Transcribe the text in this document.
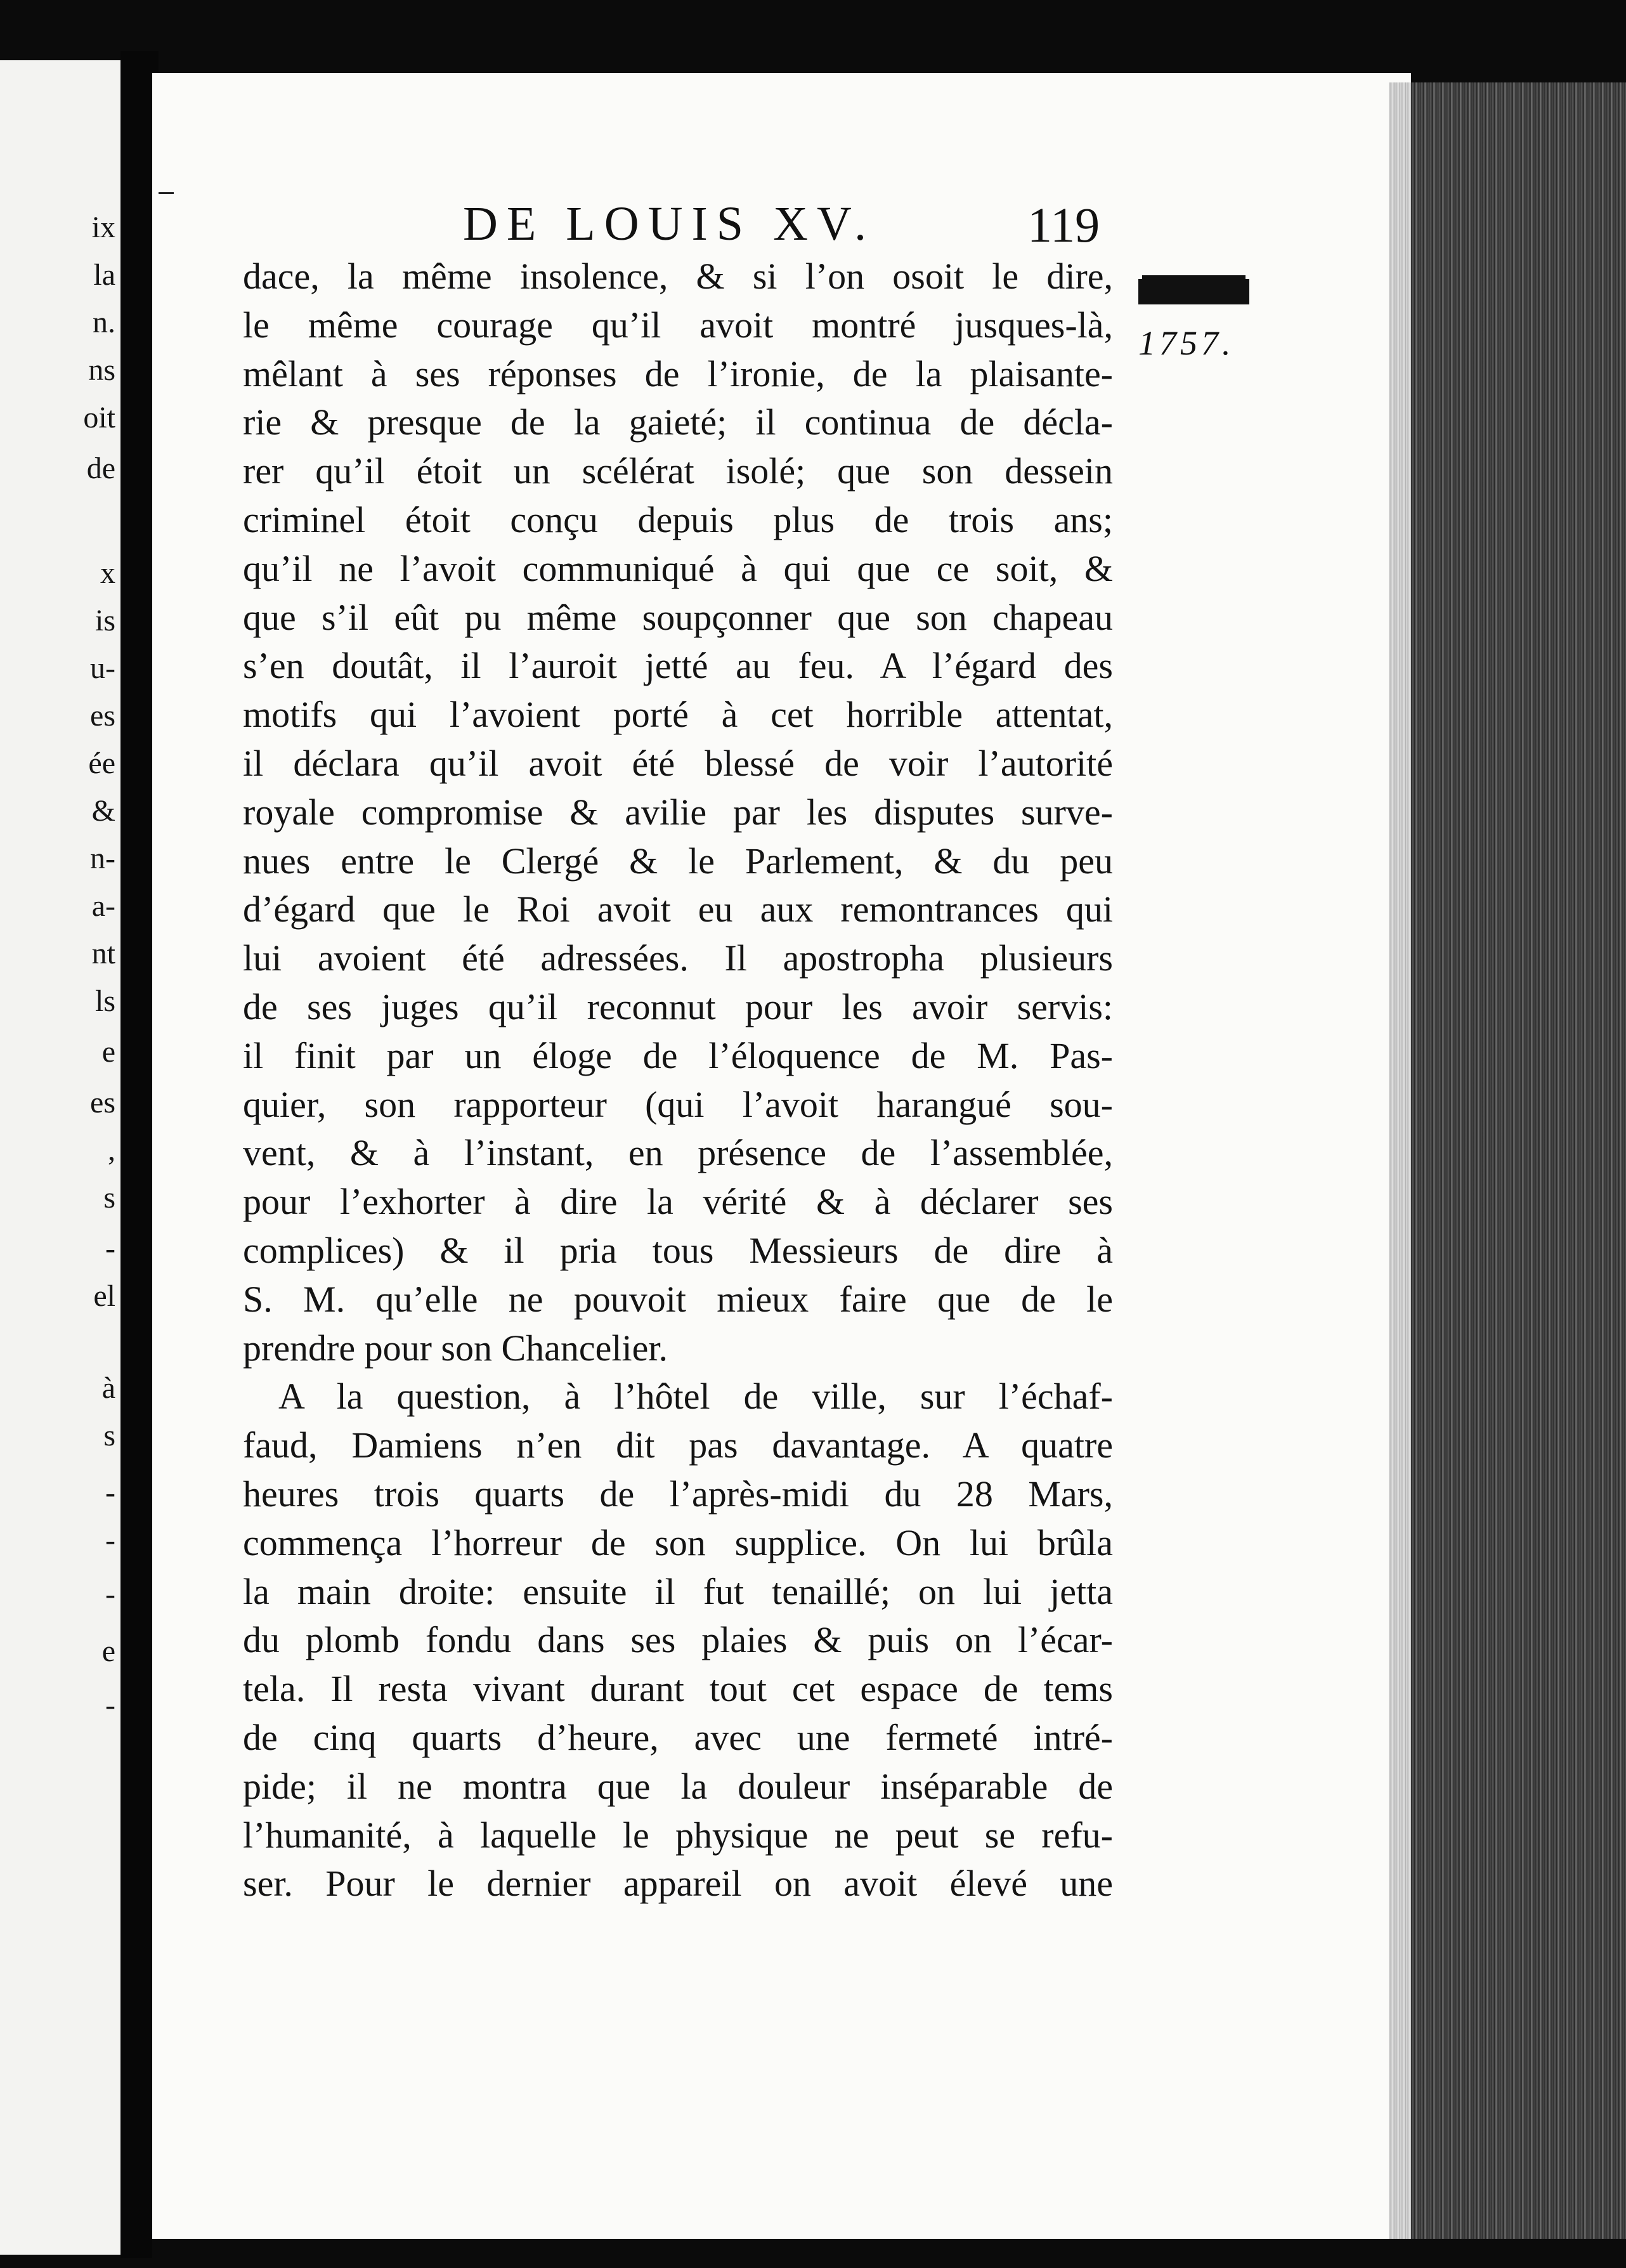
ix

la

n.

ns

oit

de

x

is

u-

es

ée

&

n-

a-

nt

ls

e

es

,

s

-

el

à

s

-

-

-

e

-

DE LOUIS XV.	119
1757.
dace, la même insolence, & si l’on osoit le dire,
le même courage qu’il avoit montré jusques-là,
mêlant à ses réponses de l’ironie, de la plaisante-
rie & presque de la gaieté; il continua de décla-
rer qu’il étoit un scélérat isolé; que son dessein
criminel étoit conçu depuis plus de trois ans;
qu’il ne l’avoit communiqué à qui que ce soit, &
que s’il eût pu même soupçonner que son chapeau
s’en doutât, il l’auroit jetté au feu. A l’égard des
motifs qui l’avoient porté à cet horrible attentat,
il déclara qu’il avoit été blessé de voir l’autorité
royale compromise & avilie par les disputes surve-
nues entre le Clergé & le Parlement, & du peu
d’égard que le Roi avoit eu aux remontrances qui
lui avoient été adressées. Il apostropha plusieurs
de ses juges qu’il reconnut pour les avoir servis:
il finit par un éloge de l’éloquence de M. Pas-
quier, son rapporteur (qui l’avoit harangué sou-
vent, & à l’instant, en présence de l’assemblée,
pour l’exhorter à dire la vérité & à déclarer ses
complices) & il pria tous Messieurs de dire à
S. M. qu’elle ne pouvoit mieux faire que de le
prendre pour son Chancelier.
A la question, à l’hôtel de ville, sur l’échaf-
faud, Damiens n’en dit pas davantage. A quatre
heures trois quarts de l’après-midi du 28 Mars,
commença l’horreur de son supplice. On lui brûla
la main droite: ensuite il fut tenaillé; on lui jetta
du plomb fondu dans ses plaies & puis on l’écar-
tela. Il resta vivant durant tout cet espace de tems
de cinq quarts d’heure, avec une fermeté intré-
pide; il ne montra que la douleur inséparable de
l’humanité, à laquelle le physique ne peut se refu-
ser. Pour le dernier appareil on avoit élevé une
